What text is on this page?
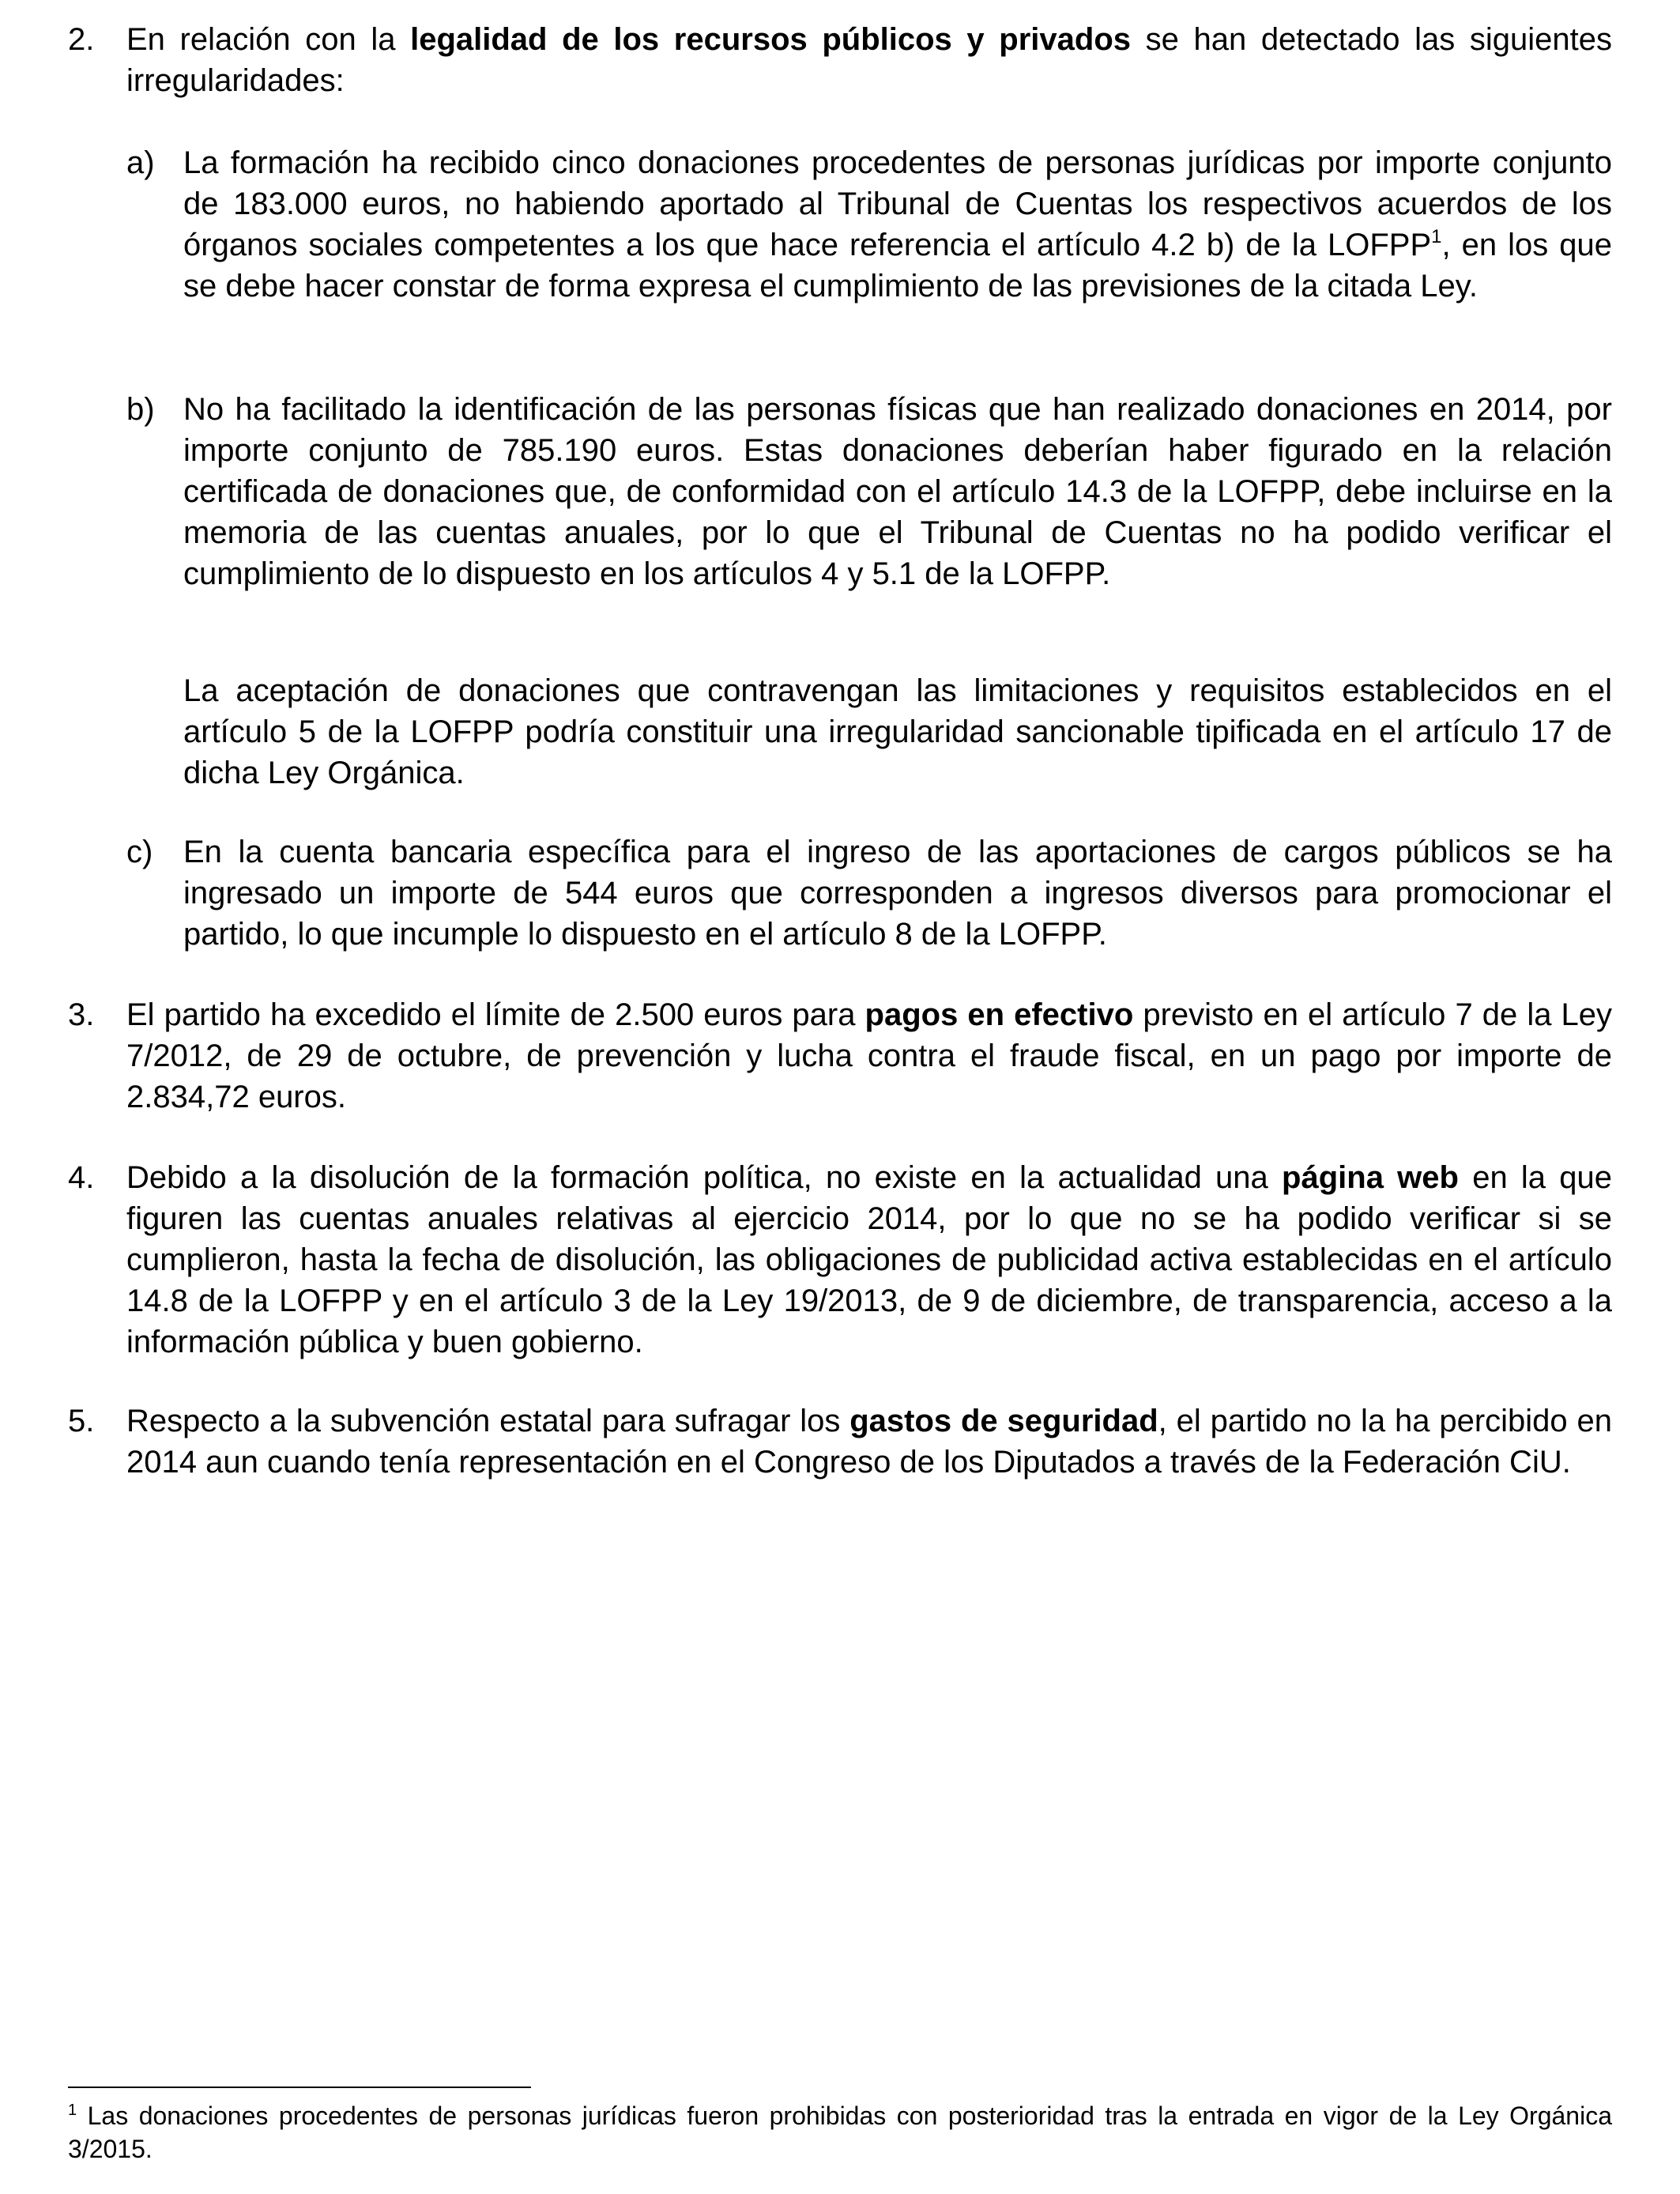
2. En relación con la legalidad de los recursos públicos y privados se han detectado las siguientes irregularidades:
a) La formación ha recibido cinco donaciones procedentes de personas jurídicas por importe conjunto de 183.000 euros, no habiendo aportado al Tribunal de Cuentas los respectivos acuerdos de los órganos sociales competentes a los que hace referencia el artículo 4.2 b) de la LOFPP$^1$, en los que se debe hacer constar de forma expresa el cumplimiento de las previsiones de la citada Ley.
b) No ha facilitado la identificación de las personas físicas que han realizado donaciones en 2014, por importe conjunto de 785.190 euros. Estas donaciones deberían haber figurado en la relación certificada de donaciones que, de conformidad con el artículo 14.3 de la LOFPP, debe incluirse en la memoria de las cuentas anuales, por lo que el Tribunal de Cuentas no ha podido verificar el cumplimiento de lo dispuesto en los artículos 4 y 5.1 de la LOFPP.
La aceptación de donaciones que contravengan las limitaciones y requisitos establecidos en el artículo 5 de la LOFPP podría constituir una irregularidad sancionable tipificada en el artículo 17 de dicha Ley Orgánica.
c) En la cuenta bancaria específica para el ingreso de las aportaciones de cargos públicos se ha ingresado un importe de 544 euros que corresponden a ingresos diversos para promocionar el partido, lo que incumple lo dispuesto en el artículo 8 de la LOFPP.
3. El partido ha excedido el límite de 2.500 euros para pagos en efectivo previsto en el artículo 7 de la Ley 7/2012, de 29 de octubre, de prevención y lucha contra el fraude fiscal, en un pago por importe de 2.834,72 euros.
4. Debido a la disolución de la formación política, no existe en la actualidad una página web en la que figuren las cuentas anuales relativas al ejercicio 2014, por lo que no se ha podido verificar si se cumplieron, hasta la fecha de disolución, las obligaciones de publicidad activa establecidas en el artículo 14.8 de la LOFPP y en el artículo 3 de la Ley 19/2013, de 9 de diciembre, de transparencia, acceso a la información pública y buen gobierno.
5. Respecto a la subvención estatal para sufragar los gastos de seguridad, el partido no la ha percibido en 2014 aun cuando tenía representación en el Congreso de los Diputados a través de la Federación CiU.
$^1$ Las donaciones procedentes de personas jurídicas fueron prohibidas con posterioridad tras la entrada en vigor de la Ley Orgánica 3/2015.
